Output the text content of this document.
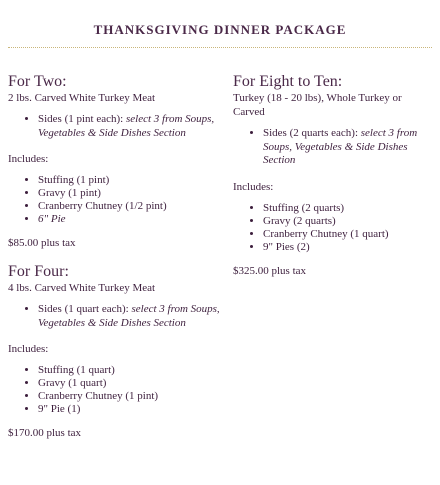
THANKSGIVING DINNER PACKAGE
For Two:

2 lbs. Carved White Turkey Meat

• Sides (1 pint each): select 3 from Soups, Vegetables & Side Dishes Section

Includes:

• Stuffing (1 pint)
• Gravy (1 pint)
• Cranberry Chutney (1/2 pint)
• 6" Pie

$85.00 plus tax

For Four:

4 lbs. Carved White Turkey Meat

• Sides (1 quart each): select 3 from Soups, Vegetables & Side Dishes Section

Includes:

• Stuffing (1 quart)
• Gravy (1 quart)
• Cranberry Chutney (1 pint)
• 9" Pie (1)

$170.00 plus tax

For Eight to Ten:

Turkey (18 - 20 lbs), Whole Turkey or Carved

• Sides (2 quarts each): select 3 from Soups, Vegetables & Side Dishes Section

Includes:

• Stuffing (2 quarts)
• Gravy (2 quarts)
• Cranberry Chutney (1 quart)
• 9" Pies (2)

$325.00 plus tax
